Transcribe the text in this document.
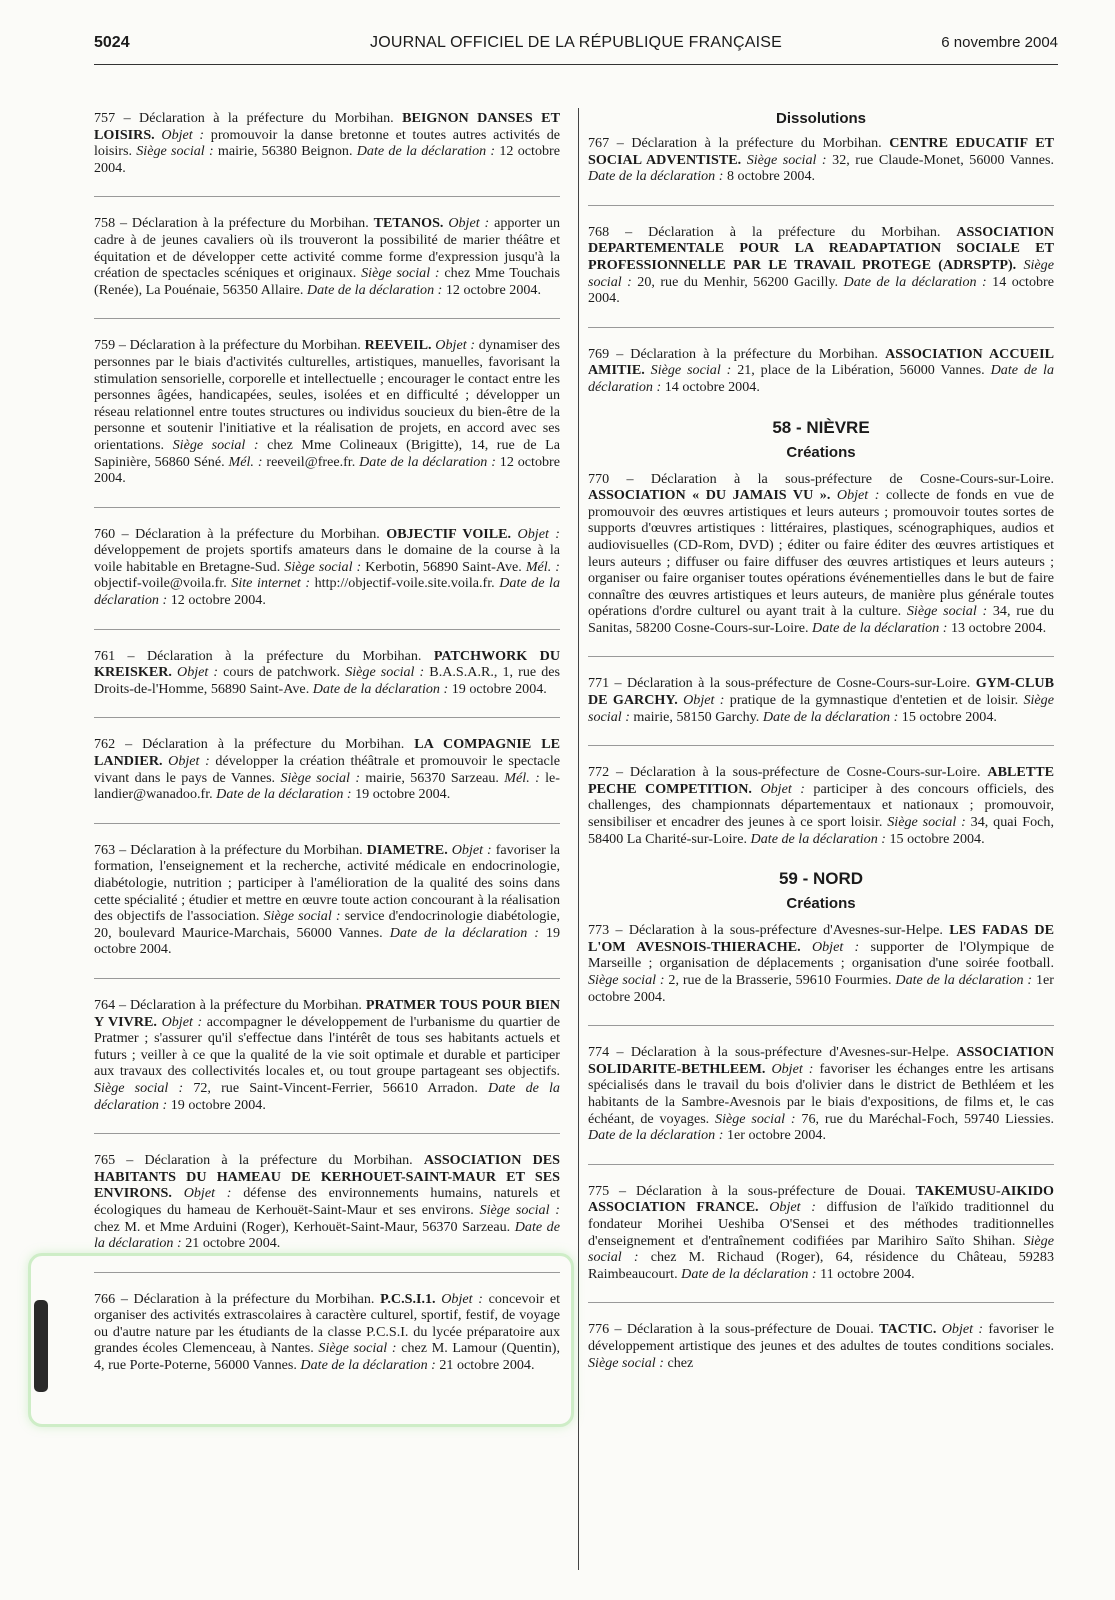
5024	JOURNAL OFFICIEL DE LA RÉPUBLIQUE FRANÇAISE	6 novembre 2004

757 – Déclaration à la préfecture du Morbihan. BEIGNON DANSES ET LOISIRS. Objet : promouvoir la danse bretonne et toutes autres activités de loisirs. Siège social : mairie, 56380 Beignon. Date de la déclaration : 12 octobre 2004.

758 – Déclaration à la préfecture du Morbihan. TETANOS. Objet : apporter un cadre à de jeunes cavaliers où ils trouveront la possibilité de marier théâtre et équitation et de développer cette activité comme forme d'expression jusqu'à la création de spectacles scéniques et originaux. Siège social : chez Mme Touchais (Renée), La Pouénaie, 56350 Allaire. Date de la déclaration : 12 octobre 2004.

759 – Déclaration à la préfecture du Morbihan. REEVEIL. Objet : dynamiser des personnes par le biais d'activités culturelles, artistiques, manuelles, favorisant la stimulation sensorielle, corporelle et intellectuelle ; encourager le contact entre les personnes âgées, handicapées, seules, isolées et en difficulté ; développer un réseau relationnel entre toutes structures ou individus soucieux du bien-être de la personne et soutenir l'initiative et la réalisation de projets, en accord avec ses orientations. Siège social : chez Mme Colineaux (Brigitte), 14, rue de La Sapinière, 56860 Séné. Mél. : reeveil@free.fr. Date de la déclaration : 12 octobre 2004.

760 – Déclaration à la préfecture du Morbihan. OBJECTIF VOILE. Objet : développement de projets sportifs amateurs dans le domaine de la course à la voile habitable en Bretagne-Sud. Siège social : Kerbotin, 56890 Saint-Ave. Mél. : objectif-voile@voila.fr. Site internet : http://objectif-voile.site.voila.fr. Date de la déclaration : 12 octobre 2004.

761 – Déclaration à la préfecture du Morbihan. PATCHWORK DU KREISKER. Objet : cours de patchwork. Siège social : B.A.S.A.R., 1, rue des Droits-de-l'Homme, 56890 Saint-Ave. Date de la déclaration : 19 octobre 2004.

762 – Déclaration à la préfecture du Morbihan. LA COMPAGNIE LE LANDIER. Objet : développer la création théâtrale et promouvoir le spectacle vivant dans le pays de Vannes. Siège social : mairie, 56370 Sarzeau. Mél. : le-landier@wanadoo.fr. Date de la déclaration : 19 octobre 2004.

763 – Déclaration à la préfecture du Morbihan. DIAMETRE. Objet : favoriser la formation, l'enseignement et la recherche, activité médicale en endocrinologie, diabétologie, nutrition ; participer à l'amélioration de la qualité des soins dans cette spécialité ; étudier et mettre en œuvre toute action concourant à la réalisation des objectifs de l'association. Siège social : service d'endocrinologie diabétologie, 20, boulevard Maurice-Marchais, 56000 Vannes. Date de la déclaration : 19 octobre 2004.

764 – Déclaration à la préfecture du Morbihan. PRATMER TOUS POUR BIEN Y VIVRE. Objet : accompagner le développement de l'urbanisme du quartier de Pratmer ; s'assurer qu'il s'effectue dans l'intérêt de tous ses habitants actuels et futurs ; veiller à ce que la qualité de la vie soit optimale et durable et participer aux travaux des collectivités locales et, ou tout groupe partageant ses objectifs. Siège social : 72, rue Saint-Vincent-Ferrier, 56610 Arradon. Date de la déclaration : 19 octobre 2004.

765 – Déclaration à la préfecture du Morbihan. ASSOCIATION DES HABITANTS DU HAMEAU DE KERHOUET-SAINT-MAUR ET SES ENVIRONS. Objet : défense des environnements humains, naturels et écologiques du hameau de Kerhouët-Saint-Maur et ses environs. Siège social : chez M. et Mme Arduini (Roger), Kerhouët-Saint-Maur, 56370 Sarzeau. Date de la déclaration : 21 octobre 2004.

766 – Déclaration à la préfecture du Morbihan. P.C.S.I.1. Objet : concevoir et organiser des activités extrascolaires à caractère culturel, sportif, festif, de voyage ou d'autre nature par les étudiants de la classe P.C.S.I. du lycée préparatoire aux grandes écoles Clemenceau, à Nantes. Siège social : chez M. Lamour (Quentin), 4, rue Porte-Poterne, 56000 Vannes. Date de la déclaration : 21 octobre 2004.

Dissolutions

767 – Déclaration à la préfecture du Morbihan. CENTRE EDUCATIF ET SOCIAL ADVENTISTE. Siège social : 32, rue Claude-Monet, 56000 Vannes. Date de la déclaration : 8 octobre 2004.

768 – Déclaration à la préfecture du Morbihan. ASSOCIATION DEPARTEMENTALE POUR LA READAPTATION SOCIALE ET PROFESSIONNELLE PAR LE TRAVAIL PROTEGE (ADRSPTP). Siège social : 20, rue du Menhir, 56200 Gacilly. Date de la déclaration : 14 octobre 2004.

769 – Déclaration à la préfecture du Morbihan. ASSOCIATION ACCUEIL AMITIE. Siège social : 21, place de la Libération, 56000 Vannes. Date de la déclaration : 14 octobre 2004.

58 - NIÈVRE
Créations

770 – Déclaration à la sous-préfecture de Cosne-Cours-sur-Loire. ASSOCIATION « DU JAMAIS VU ». Objet : collecte de fonds en vue de promouvoir des œuvres artistiques et leurs auteurs ; promouvoir toutes sortes de supports d'œuvres artistiques : littéraires, plastiques, scénographiques, audios et audiovisuelles (CD-Rom, DVD) ; éditer ou faire éditer des œuvres artistiques et leurs auteurs ; diffuser ou faire diffuser des œuvres artistiques et leurs auteurs ; organiser ou faire organiser toutes opérations événementielles dans le but de faire connaître des œuvres artistiques et leurs auteurs, de manière plus générale toutes opérations d'ordre culturel ou ayant trait à la culture. Siège social : 34, rue du Sanitas, 58200 Cosne-Cours-sur-Loire. Date de la déclaration : 13 octobre 2004.

771 – Déclaration à la sous-préfecture de Cosne-Cours-sur-Loire. GYM-CLUB DE GARCHY. Objet : pratique de la gymnastique d'entetien et de loisir. Siège social : mairie, 58150 Garchy. Date de la déclaration : 15 octobre 2004.

772 – Déclaration à la sous-préfecture de Cosne-Cours-sur-Loire. ABLETTE PECHE COMPETITION. Objet : participer à des concours officiels, des challenges, des championnats départementaux et nationaux ; promouvoir, sensibiliser et encadrer des jeunes à ce sport loisir. Siège social : 34, quai Foch, 58400 La Charité-sur-Loire. Date de la déclaration : 15 octobre 2004.

59 - NORD
Créations

773 – Déclaration à la sous-préfecture d'Avesnes-sur-Helpe. LES FADAS DE L'OM AVESNOIS-THIERACHE. Objet : supporter de l'Olympique de Marseille ; organisation de déplacements ; organisation d'une soirée football. Siège social : 2, rue de la Brasserie, 59610 Fourmies. Date de la déclaration : 1er octobre 2004.

774 – Déclaration à la sous-préfecture d'Avesnes-sur-Helpe. ASSOCIATION SOLIDARITE-BETHLEEM. Objet : favoriser les échanges entre les artisans spécialisés dans le travail du bois d'olivier dans le district de Bethléem et les habitants de la Sambre-Avesnois par le biais d'expositions, de films et, le cas échéant, de voyages. Siège social : 76, rue du Maréchal-Foch, 59740 Liessies. Date de la déclaration : 1er octobre 2004.

775 – Déclaration à la sous-préfecture de Douai. TAKEMUSU-AIKIDO ASSOCIATION FRANCE. Objet : diffusion de l'aïkido traditionnel du fondateur Morihei Ueshiba O'Sensei et des méthodes traditionnelles d'enseignement et d'entraînement codifiées par Marihiro Saïto Shihan. Siège social : chez M. Richaud (Roger), 64, résidence du Château, 59283 Raimbeaucourt. Date de la déclaration : 11 octobre 2004.

776 – Déclaration à la sous-préfecture de Douai. TACTIC. Objet : favoriser le développement artistique des jeunes et des adultes de toutes conditions sociales. Siège social : chez
